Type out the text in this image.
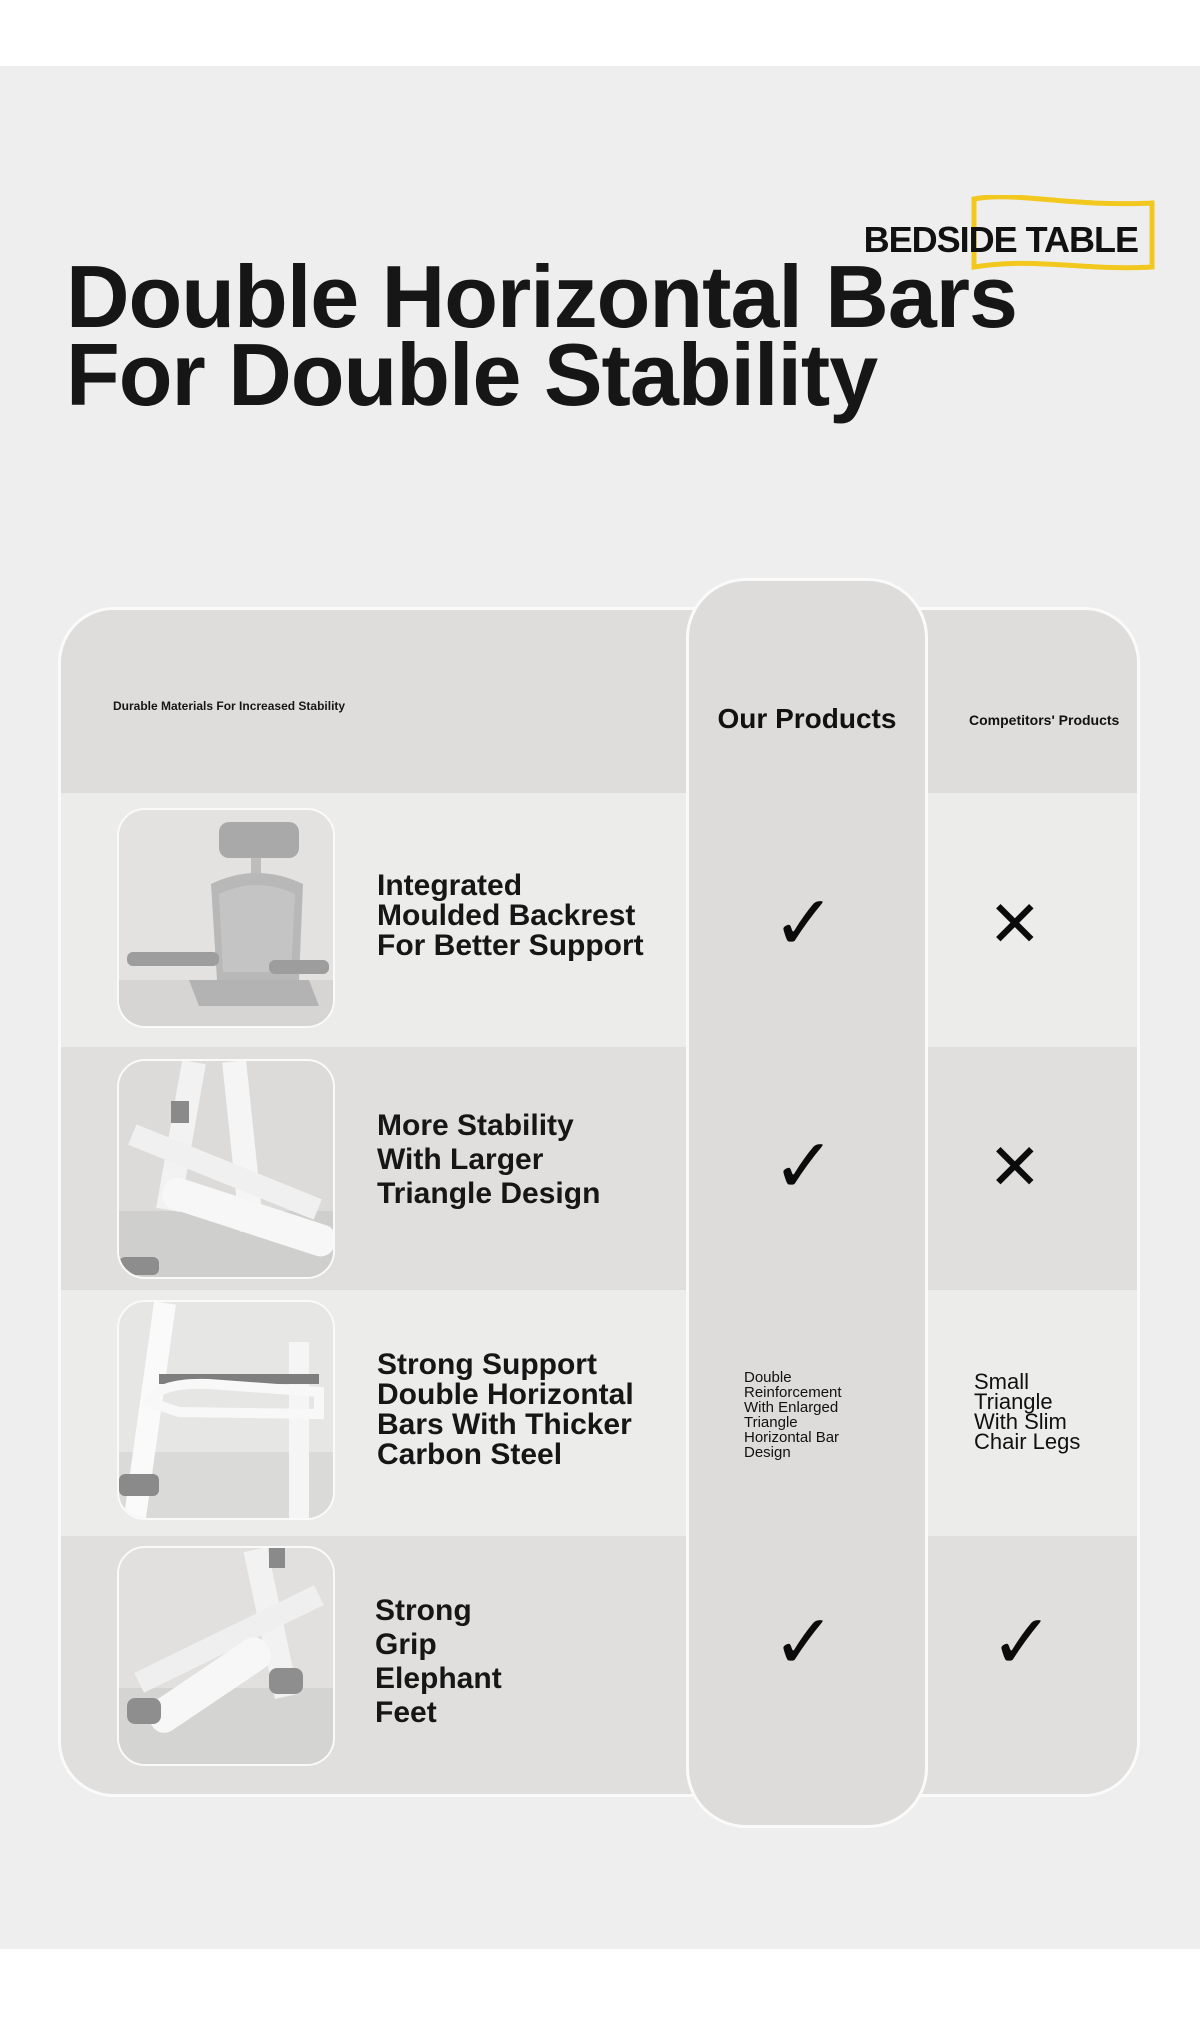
BEDSIDE TABLE
Double Horizontal Bars
For Double Stability
Durable Materials For Increased Stability
Competitors' Products
Integrated
Moulded Backrest
For Better Support
More Stability
With Larger
Triangle Design
Strong Support
Double Horizontal
Bars With Thicker
Carbon Steel
Strong
Grip
Elephant
Feet
Our Products
✓
✓
Double
Reinforcement
With Enlarged
Triangle
Horizontal Bar
Design
✓
✕
✕
Small
Triangle
With Slim
Chair Legs
✓
